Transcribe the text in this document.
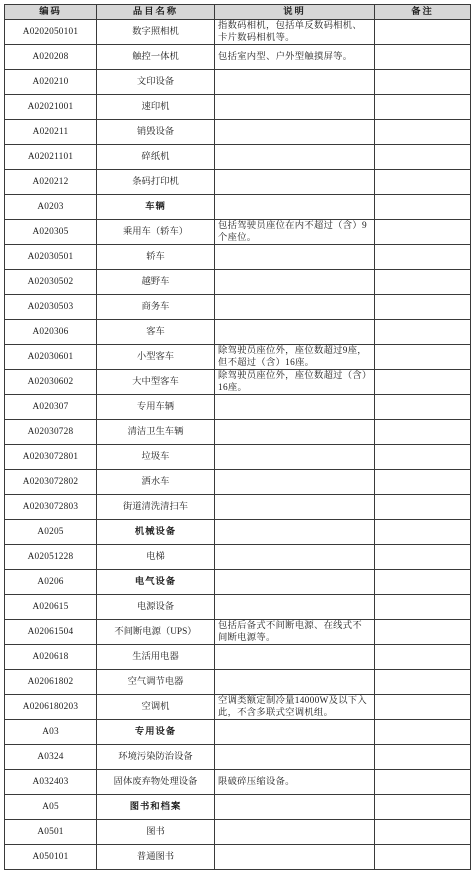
编码	品目名称	说明	备注
A0202050101	数字照相机	指数码相机，包括单反数码相机、卡片数码相机等。	
A020208	触控一体机	包括室内型、户外型触摸屏等。	
A020210	文印设备		
A02021001	速印机		
A020211	销毁设备		
A02021101	碎纸机		
A020212	条码打印机		
A0203	车辆		
A020305	乘用车（轿车）	包括驾驶员座位在内不超过（含）9个座位。	
A02030501	轿车		
A02030502	越野车		
A02030503	商务车		
A020306	客车		
A02030601	小型客车	除驾驶员座位外，座位数超过9座，但不超过（含）16座。	
A02030602	大中型客车	除驾驶员座位外，座位数超过（含）16座。	
A020307	专用车辆		
A02030728	清洁卫生车辆		
A0203072801	垃圾车		
A0203072802	洒水车		
A0203072803	街道清洗清扫车		
A0205	机械设备		
A02051228	电梯		
A0206	电气设备		
A020615	电源设备		
A02061504	不间断电源（UPS）	包括后备式不间断电源、在线式不间断电源等。	
A020618	生活用电器		
A02061802	空气调节电器		
A0206180203	空调机	空调类额定制冷量14000W及以下入此，不含多联式空调机组。	
A03	专用设备		
A0324	环境污染防治设备		
A032403	固体废弃物处理设备	限破碎压缩设备。	
A05	图书和档案		
A0501	图书		
A050101	普通图书		
